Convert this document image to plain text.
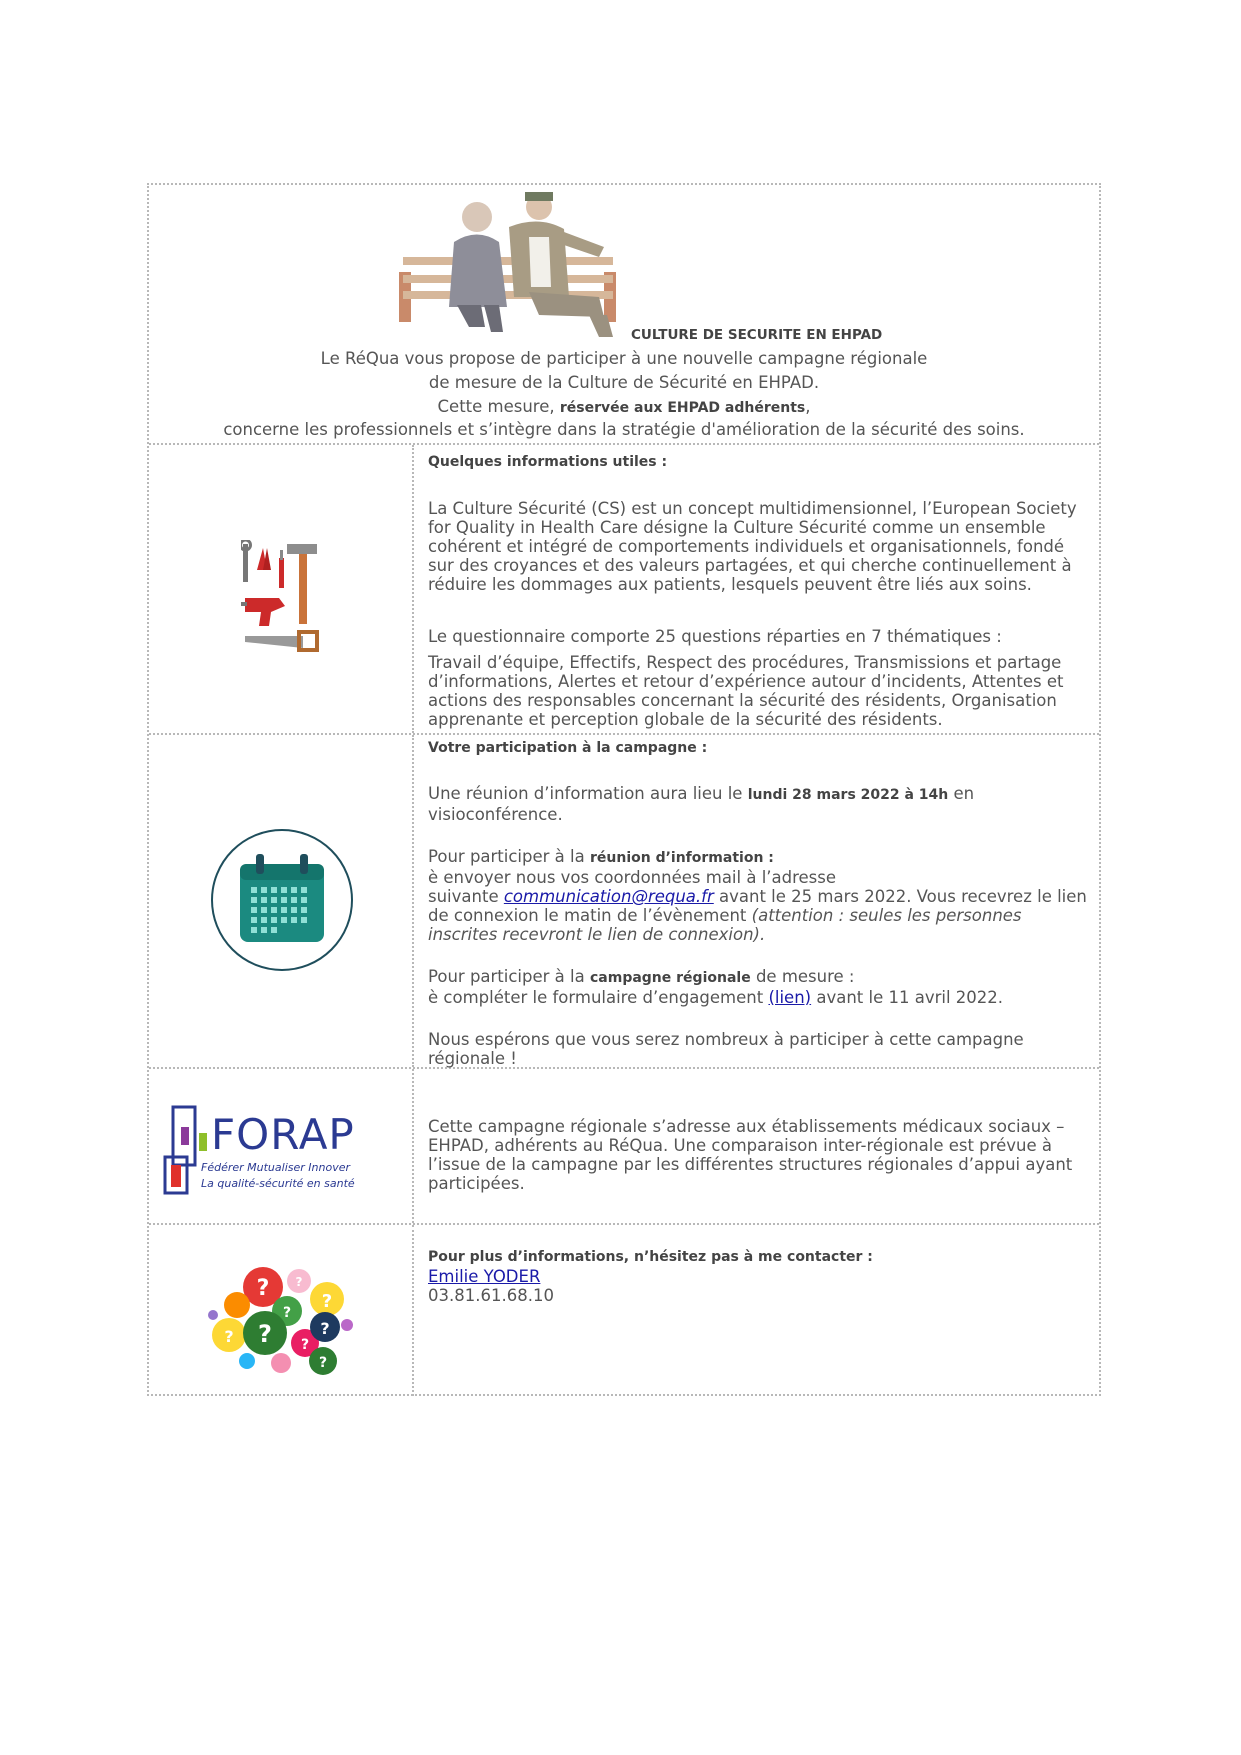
CULTURE DE SECURITE EN EHPAD

Le RéQua vous propose de participer à une nouvelle campagne régionale

de mesure de la Culture de Sécurité en EHPAD.

Cette mesure, réservée aux EHPAD adhérents,

concerne les professionnels et s’intègre dans la stratégie d'amélioration de la sécurité des soins.

Quelques informations utiles :

La Culture Sécurité (CS) est un concept multidimensionnel, l’European Society for Quality in Health Care désigne la Culture Sécurité comme un ensemble cohérent et intégré de comportements individuels et organisationnels, fondé sur des croyances et des valeurs partagées, et qui cherche continuellement à réduire les dommages aux patients, lesquels peuvent être liés aux soins.

Le questionnaire comporte 25 questions réparties en 7 thématiques :

Travail d’équipe, Effectifs, Respect des procédures, Transmissions et partage d’informations, Alertes et retour d’expérience autour d’incidents, Attentes et actions des responsables concernant la sécurité des résidents, Organisation apprenante et perception globale de la sécurité des résidents.

Votre participation à la campagne :

Une réunion d’information aura lieu le lundi 28 mars 2022 à 14h en visioconférence.

Pour participer à la réunion d’information :
è envoyer nous vos coordonnées mail à l’adresse
suivante communication@requa.fr avant le 25 mars 2022. Vous recevrez le lien de connexion le matin de l’évènement (attention : seules les personnes inscrites recevront le lien de connexion).

Pour participer à la campagne régionale de mesure :
è compléter le formulaire d’engagement (lien) avant le 11 avril 2022.

Nous espérons que vous serez nombreux à participer à cette campagne régionale !

FORAP
Fédérer Mutualiser Innover
La qualité-sécurité en santé

Cette campagne régionale s’adresse aux établissements médicaux sociaux – EHPAD, adhérents au RéQua. Une comparaison inter-régionale est prévue à l’issue de la campagne par les différentes structures régionales d’appui ayant participées.

?
?
?	?
?
?
?
?
?

Pour plus d’informations, n’hésitez pas à me contacter :

Emilie YODER

03.81.61.68.10
